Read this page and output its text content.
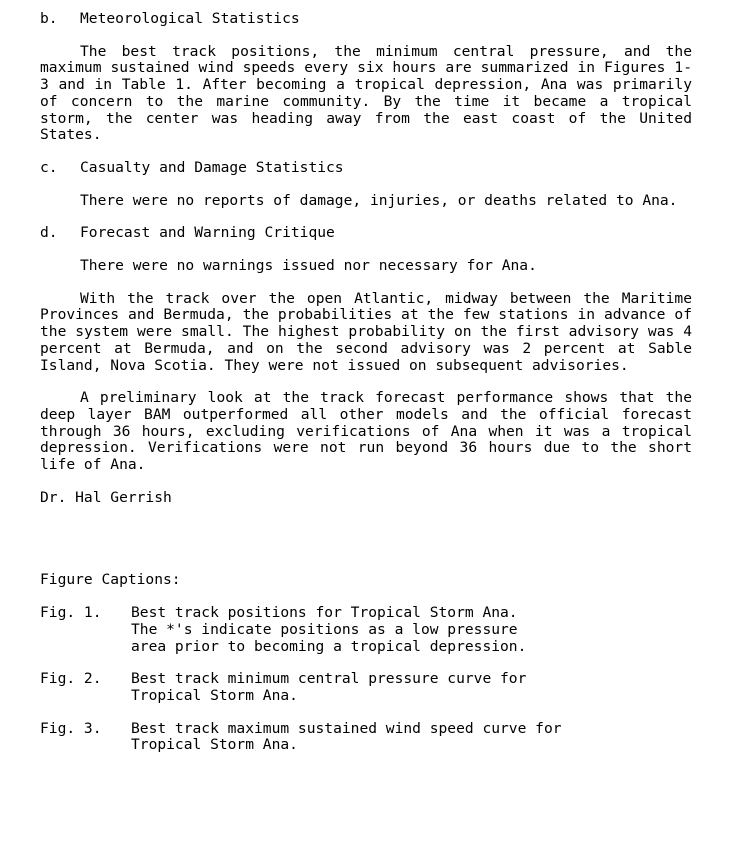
b. Meteorological Statistics

The best track positions, the minimum central pressure, and the maximum sustained wind speeds every six hours are summarized in Figures 1-3 and in Table 1. After becoming a tropical depression, Ana was primarily of concern to the marine community. By the time it became a tropical storm, the center was heading away from the east coast of the United States.

c. Casualty and Damage Statistics

There were no reports of damage, injuries, or deaths related to Ana.

d. Forecast and Warning Critique

There were no warnings issued nor necessary for Ana.

With the track over the open Atlantic, midway between the Maritime Provinces and Bermuda, the probabilities at the few stations in advance of the system were small. The highest probability on the first advisory was 4 percent at Bermuda, and on the second advisory was 2 percent at Sable Island, Nova Scotia. They were not issued on subsequent advisories.

A preliminary look at the track forecast performance shows that the deep layer BAM outperformed all other models and the official forecast through 36 hours, excluding verifications of Ana when it was a tropical depression. Verifications were not run beyond 36 hours due to the short life of Ana.

Dr. Hal Gerrish

Figure Captions:

Fig. 1.	Best track positions for Tropical Storm Ana.
The *'s indicate positions as a low pressure
area prior to becoming a tropical depression.
Fig. 2.	Best track minimum central pressure curve for
Tropical Storm Ana.
Fig. 3.	Best track maximum sustained wind speed curve for
Tropical Storm Ana.
